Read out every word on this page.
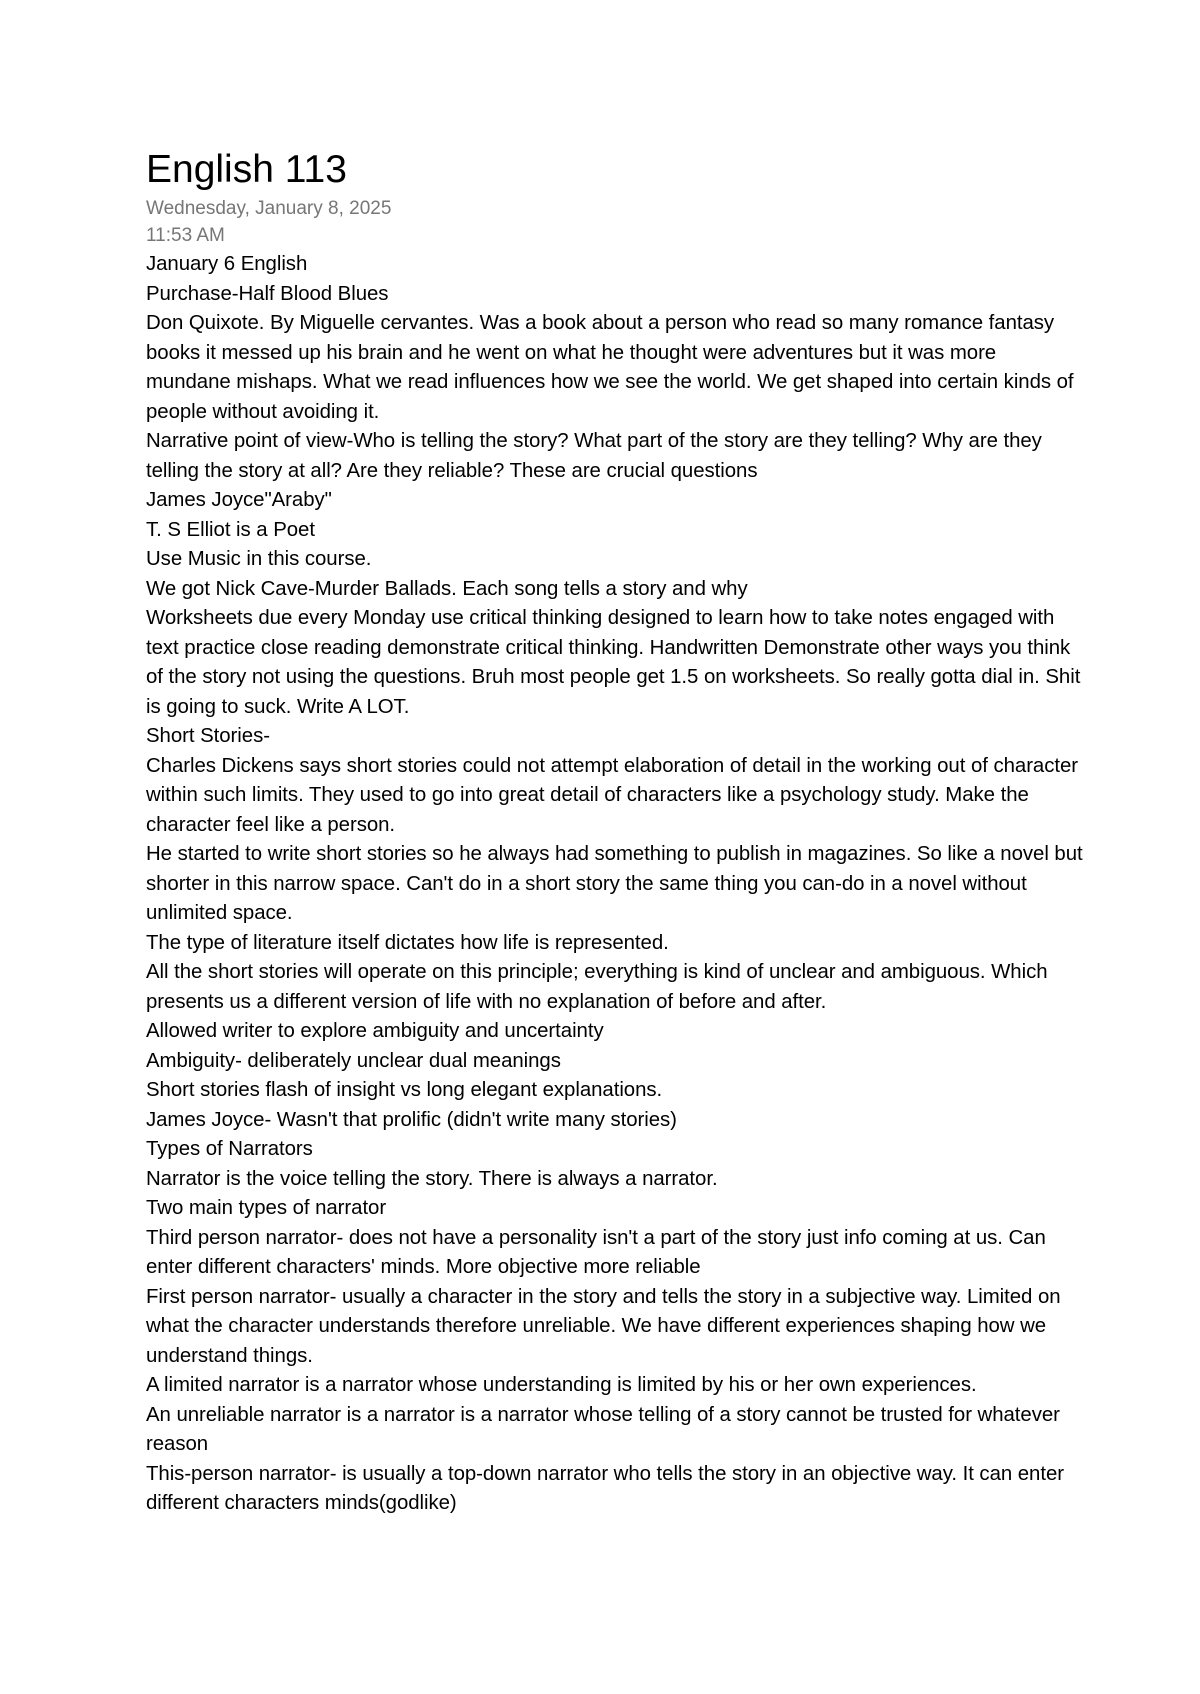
English 113

Wednesday, January 8, 2025

11:53 AM

January 6 English

Purchase-Half Blood Blues

Don Quixote. By Miguelle cervantes. Was a book about a person who read so many romance fantasy books it messed up his brain and he went on what he thought were adventures but it was more mundane mishaps. What we read influences how we see the world. We get shaped into certain kinds of people without avoiding it.

Narrative point of view-Who is telling the story? What part of the story are they telling? Why are they telling the story at all? Are they reliable? These are crucial questions

James Joyce"Araby"

T. S Elliot is a Poet

Use Music in this course.

We got Nick Cave-Murder Ballads. Each song tells a story and why

Worksheets due every Monday use critical thinking designed to learn how to take notes engaged with text practice close reading demonstrate critical thinking. Handwritten Demonstrate other ways you think of the story not using the questions. Bruh most people get 1.5 on worksheets. So really gotta dial in. Shit is going to suck. Write A LOT.

Short Stories-

Charles Dickens says short stories could not attempt elaboration of detail in the working out of character within such limits. They used to go into great detail of characters like a psychology study. Make the character feel like a person.

He started to write short stories so he always had something to publish in magazines. So like a novel but shorter in this narrow space. Can't do in a short story the same thing you can-do in a novel without unlimited space.

The type of literature itself dictates how life is represented.

All the short stories will operate on this principle; everything is kind of unclear and ambiguous. Which presents us a different version of life with no explanation of before and after.

Allowed writer to explore ambiguity and uncertainty

Ambiguity- deliberately unclear dual meanings

Short stories flash of insight vs long elegant explanations.

James Joyce- Wasn't that prolific (didn't write many stories)

Types of Narrators

Narrator is the voice telling the story. There is always a narrator.

Two main types of narrator

Third person narrator- does not have a personality isn't a part of the story just info coming at us. Can enter different characters' minds. More objective more reliable

First person narrator- usually a character in the story and tells the story in a subjective way. Limited on what the character understands therefore unreliable. We have different experiences shaping how we understand things.

A limited narrator is a narrator whose understanding is limited by his or her own experiences.

An unreliable narrator is a narrator is a narrator whose telling of a story cannot be trusted for whatever reason

This-person narrator- is usually a top-down narrator who tells the story in an objective way. It can enter different characters minds(godlike)
